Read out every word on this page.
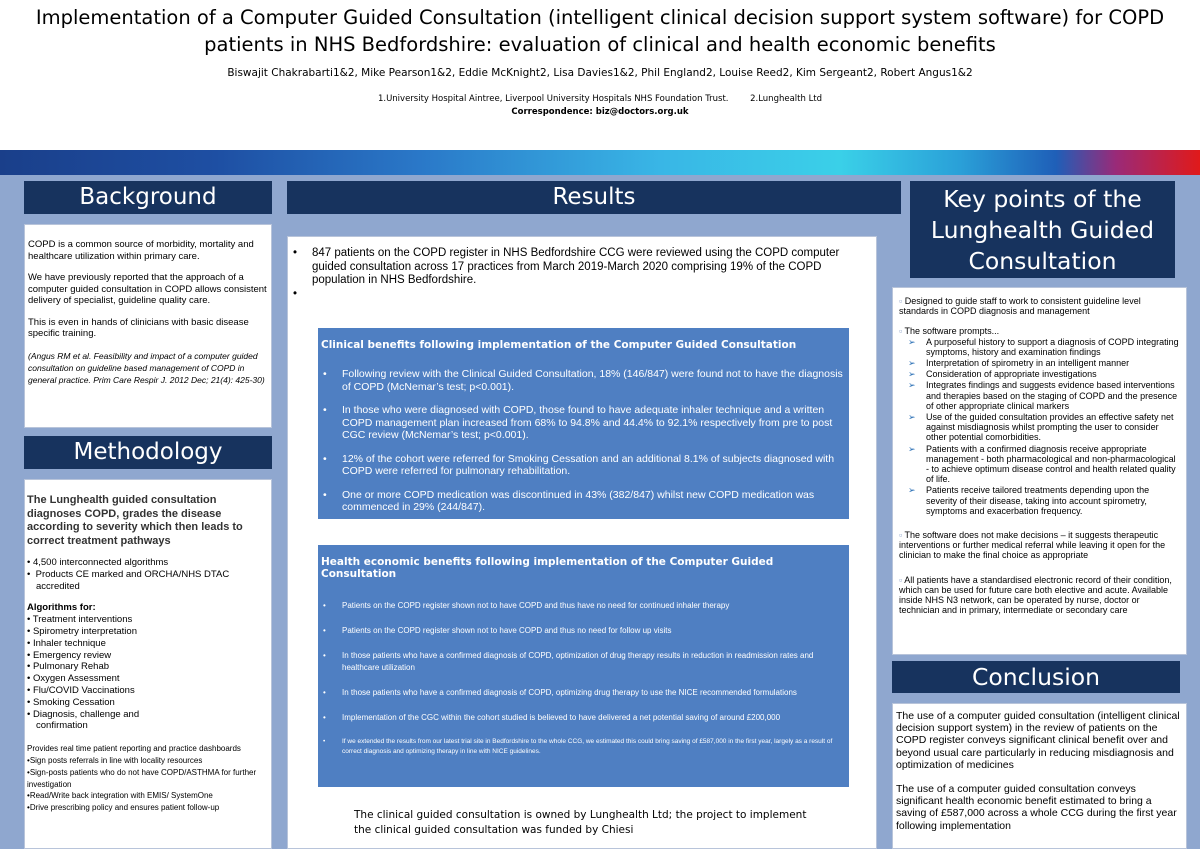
Implementation of a Computer Guided Consultation (intelligent clinical decision support system software) for COPD
patients in NHS Bedfordshire: evaluation of clinical and health economic benefits
Biswajit Chakrabarti1&2, Mike Pearson1&2, Eddie McKnight2, Lisa Davies1&2, Phil England2, Louise Reed2, Kim Sergeant2, Robert Angus1&2
1.University Hospital Aintree, Liverpool University Hospitals NHS Foundation Trust.        2.Lunghealth Ltd
Correspondence: biz@doctors.org.uk
Background
COPD is a common source of morbidity, mortality and healthcare utilization within primary care.
We have previously reported that the approach of a computer guided consultation in COPD allows consistent delivery of specialist, guideline quality care.
This is even in hands of clinicians with basic disease specific training.
(Angus RM et al. Feasibility and impact of a computer guided consultation on guideline based management of COPD in general practice. Prim Care Respir J. 2012 Dec; 21(4): 425-30)
Methodology
The Lunghealth guided consultation diagnoses COPD, grades the disease according to severity which then leads to correct treatment pathways
• 4,500 interconnected algorithms
•  Products CE marked and ORCHA/NHS DTAC accredited
Algorithms for:
• Treatment interventions
• Spirometry interpretation
• Inhaler technique
• Emergency review
• Pulmonary Rehab
• Oxygen Assessment
• Flu/COVID Vaccinations
• Smoking Cessation
• Diagnosis, challenge and confirmation
Provides real time patient reporting and practice dashboards
•Sign posts referrals in line with locality resources
•Sign-posts patients who do not have COPD/ASTHMA for further investigation
•Read/Write back integration with EMIS/ SystemOne
•Drive prescribing policy and ensures patient follow-up
Results
• 847 patients on the COPD register in NHS Bedfordshire CCG were reviewed using the COPD computer guided consultation across 17 practices from March 2019-March 2020 comprising 19% of the COPD population in NHS Bedfordshire.
•
Clinical benefits following implementation of the Computer Guided Consultation
• Following review with the Clinical Guided Consultation, 18% (146/847) were found not to have the diagnosis of COPD (McNemar’s test; p<0.001).
• In those who were diagnosed with COPD, those found to have adequate inhaler technique and a written COPD management plan increased from 68% to 94.8% and 44.4% to 92.1% respectively from pre to post CGC review (McNemar’s test; p<0.001).
• 12% of the cohort were referred for Smoking Cessation and an additional 8.1% of subjects diagnosed with COPD were referred for pulmonary rehabilitation.
• One or more COPD medication was discontinued in 43% (382/847) whilst new COPD medication was commenced in 29% (244/847).
Health economic benefits following implementation of the Computer Guided Consultation
• Patients on the COPD register shown not to have COPD and thus have no need for continued inhaler therapy
• Patients on the COPD register shown not to have COPD and thus no need for follow up visits
• In those patients who have a confirmed diagnosis of COPD, optimization of drug therapy results in reduction in readmission rates and healthcare utilization
• In those patients who have a confirmed diagnosis of COPD, optimizing drug therapy to use the NICE recommended formulations
• Implementation of the CGC within the cohort studied is believed to have delivered a net potential saving of around £200,000
• If we extended the results from our latest trial site in Bedfordshire to the whole CCG, we estimated this could bring saving of £587,000 in the first year, largely as a result of correct diagnosis and optimizing therapy in line with NICE guidelines.
The clinical guided consultation is owned by Lunghealth Ltd; the project to implement
the clinical guided consultation was funded by Chiesi
Key points of the
Lunghealth Guided
Consultation
▫ Designed to guide staff to work to consistent guideline level standards in COPD diagnosis and management
▫ The software prompts...
➢ A purposeful history to support a diagnosis of COPD integrating symptoms, history and examination findings
➢ Interpretation of spirometry in an intelligent manner
➢ Consideration of appropriate investigations
➢ Integrates findings and suggests evidence based interventions and therapies based on the staging of COPD and the presence of other appropriate clinical markers
➢ Use of the guided consultation provides an effective safety net against misdiagnosis whilst prompting the user to consider other potential comorbidities.
➢ Patients with a confirmed diagnosis receive appropriate management - both pharmacological and non-pharmacological - to achieve optimum disease control and health related quality of life.
➢ Patients receive tailored treatments depending upon the severity of their disease, taking into account spirometry, symptoms and exacerbation frequency.
▫ The software does not make decisions – it suggests therapeutic interventions or further medical referral while leaving it open for the clinician to make the final choice as appropriate
▫ All patients have a standardised electronic record of their condition, which can be used for future care both elective and acute. Available inside NHS N3 network, can be operated by nurse, doctor or technician and in primary, intermediate or secondary care
Conclusion
The use of a computer guided consultation (intelligent clinical decision support system) in the review of patients on the COPD register conveys significant clinical benefit over and beyond usual care particularly in reducing misdiagnosis and optimization of medicines
The use of a computer guided consultation conveys significant health economic benefit estimated to bring a saving of £587,000 across a whole CCG during the first year following implementation
